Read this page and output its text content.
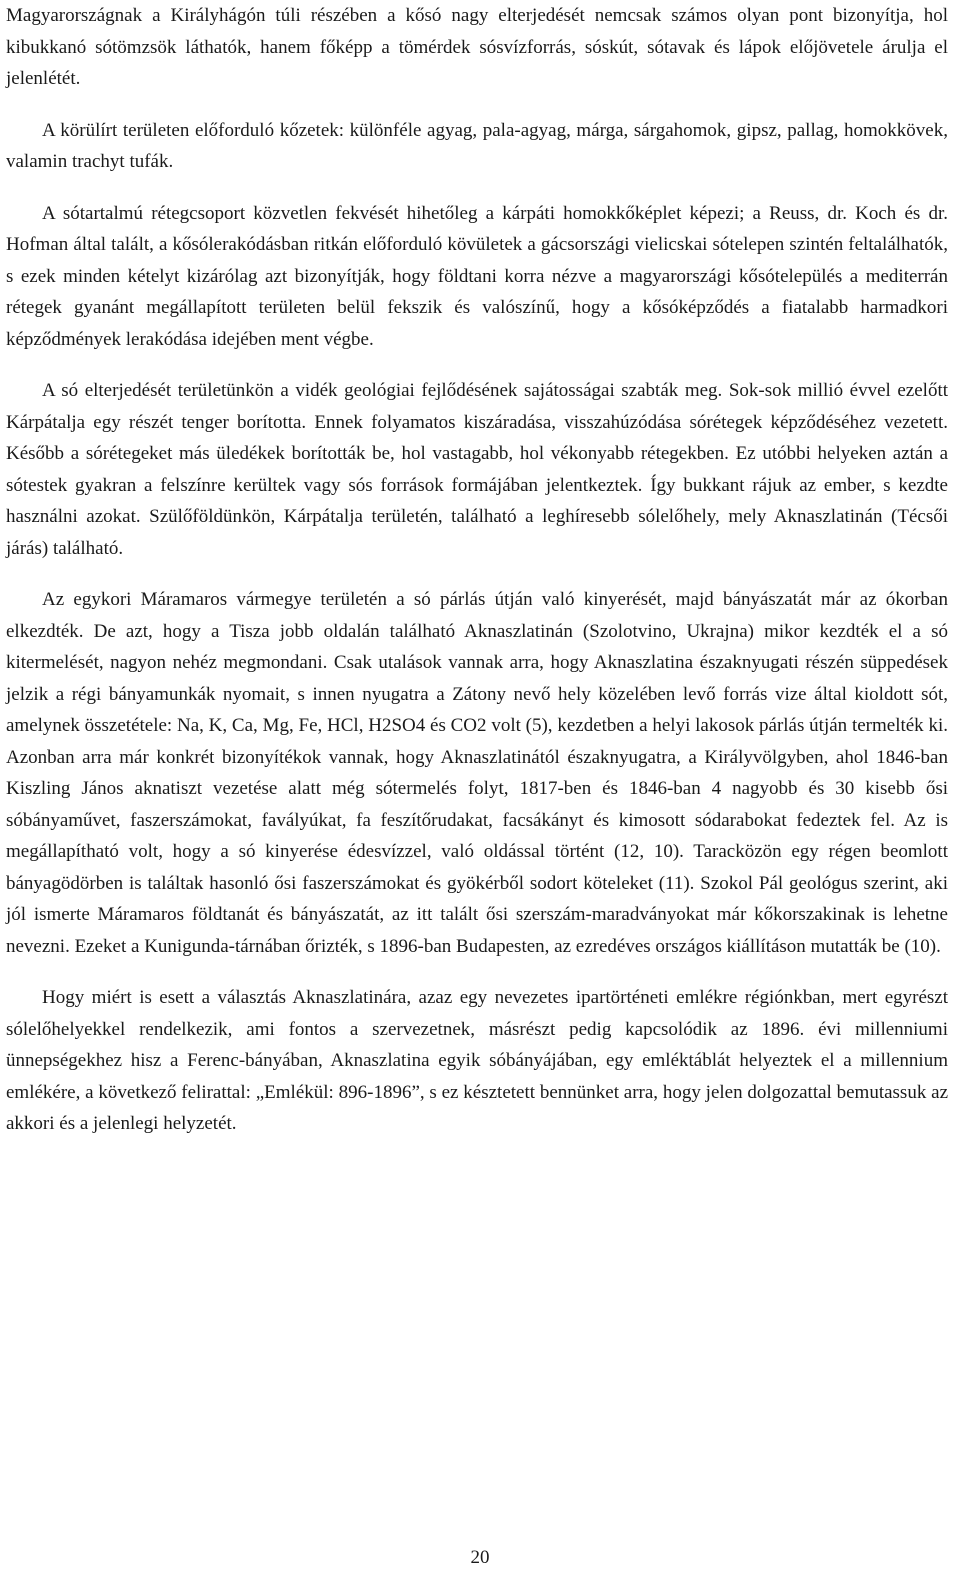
Magyarországnak a Királyhágón túli részében a kősó nagy elterjedését nemcsak számos olyan pont bizonyítja, hol kibukkanó sótömzsök láthatók, hanem főképp a tömérdek sósvízforrás, sóskút, sótavak és lápok előjövetele árulja el jelenlétét.

A körülírt területen előforduló kőzetek: különféle agyag, pala-agyag, márga, sárgahomok, gipsz, pallag, homokkövek, valamin trachyt tufák.

A sótartalmú rétegcsoport közvetlen fekvését hihetőleg a kárpáti homokkőképlet képezi; a Reuss, dr. Koch és dr. Hofman által talált, a kősólerakódásban ritkán előforduló kövületek a gácsországi vielicskai sótelepen szintén feltalálhatók, s ezek minden kételyt kizárólag azt bizonyítják, hogy földtani korra nézve a magyarországi kősótelepülés a mediterrán rétegek gyanánt megállapított területen belül fekszik és valószínű, hogy a kősóképződés a fiatalabb harmadkori képződmények lerakódása idejében ment végbe.

A só elterjedését területünkön a vidék geológiai fejlődésének sajátosságai szabták meg. Sok-sok millió évvel ezelőtt Kárpátalja egy részét tenger borította. Ennek folyamatos kiszáradása, visszahúzódása sórétegek képződéséhez vezetett. Később a sórétegeket más üledékek borították be, hol vastagabb, hol vékonyabb rétegekben. Ez utóbbi helyeken aztán a sótestek gyakran a felszínre kerültek vagy sós források formájában jelentkeztek. Így bukkant rájuk az ember, s kezdte használni azokat. Szülőföldünkön, Kárpátalja területén, található a leghíresebb sólelőhely, mely Aknaszlatinán (Técsői járás) található.

Az egykori Máramaros vármegye területén a só párlás útján való kinyerését, majd bányászatát már az ókorban elkezdték. De azt, hogy a Tisza jobb oldalán található Aknaszlatinán (Szolotvino, Ukrajna) mikor kezdték el a só kitermelését, nagyon nehéz megmondani. Csak utalások vannak arra, hogy Aknaszlatina északnyugati részén süppedések jelzik a régi bányamunkák nyomait, s innen nyugatra a Zátony nevő hely közelében levő forrás vize által kioldott sót, amelynek összetétele: Na, K, Ca, Mg, Fe, HCl, H2SO4 és CO2 volt (5), kezdetben a helyi lakosok párlás útján termelték ki. Azonban arra már konkrét bizonyítékok vannak, hogy Aknaszlatinától északnyugatra, a Királyvölgyben, ahol 1846-ban Kiszling János aknatiszt vezetése alatt még sótermelés folyt, 1817-ben és 1846-ban 4 nagyobb és 30 kisebb ősi sóbányaművet, faszerszámokat, favályúkat, fa feszítőrudakat, facsákányt és kimosott sódarabokat fedeztek fel. Az is megállapítható volt, hogy a só kinyerése édesvízzel, való oldással történt (12, 10). Taracközön egy régen beomlott bányagödörben is találtak hasonló ősi faszerszámokat és gyökérből sodort köteleket (11). Szokol Pál geológus szerint, aki jól ismerte Máramaros földtanát és bányászatát, az itt talált ősi szerszám-maradványokat már kőkorszakinak is lehetne nevezni. Ezeket a Kunigunda-tárnában őrizték, s 1896-ban Budapesten, az ezredéves országos kiállításon mutatták be (10).

Hogy miért is esett a választás Aknaszlatinára, azaz egy nevezetes ipartörténeti emlékre régiónkban, mert egyrészt sólelőhelyekkel rendelkezik, ami fontos a szervezetnek, másrészt pedig kapcsolódik az 1896. évi millenniumi ünnepségekhez hisz a Ferenc-bányában, Aknaszlatina egyik sóbányájában, egy emléktáblát helyeztek el a millennium emlékére, a következő felirattal: „Emlékül: 896-1896”, s ez késztetett bennünket arra, hogy jelen dolgozattal bemutassuk az akkori és a jelenlegi helyzetét.

20
